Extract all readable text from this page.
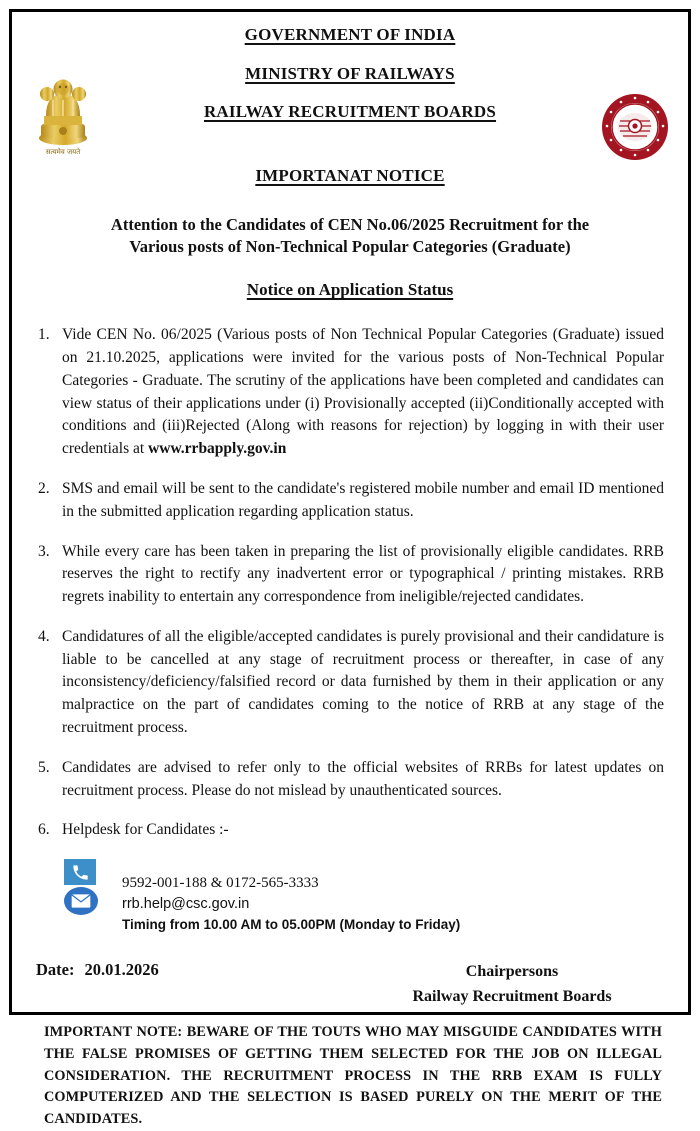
सत्यमेव जयते
GOVERNMENT OF INDIA
MINISTRY OF RAILWAYS
RAILWAY RECRUITMENT BOARDS
IMPORTANAT NOTICE
Attention to the Candidates of CEN No.06/2025 Recruitment for the
Various posts of Non-Technical Popular Categories (Graduate)
Notice on Application Status
1. Vide CEN No. 06/2025 (Various posts of Non Technical Popular Categories (Graduate) issued on 21.10.2025, applications were invited for the various posts of Non-Technical Popular Categories - Graduate. The scrutiny of the applications have been completed and candidates can view status of their applications under (i) Provisionally accepted (ii)Conditionally accepted with conditions and (iii)Rejected (Along with reasons for rejection) by logging in with their user credentials at www.rrbapply.gov.in
2. SMS and email will be sent to the candidate's registered mobile number and email ID mentioned in the submitted application regarding application status.
3. While every care has been taken in preparing the list of provisionally eligible candidates. RRB reserves the right to rectify any inadvertent error or typographical / printing mistakes. RRB regrets inability to entertain any correspondence from ineligible/rejected candidates.
4. Candidatures of all the eligible/accepted candidates is purely provisional and their candidature is liable to be cancelled at any stage of recruitment process or thereafter, in case of any inconsistency/deficiency/falsified record or data furnished by them in their application or any malpractice on the part of candidates coming to the notice of RRB at any stage of the recruitment process.
5. Candidates are advised to refer only to the official websites of RRBs for latest updates on recruitment process. Please do not mislead by unauthenticated sources.
6. Helpdesk for Candidates :-
9592-001-188 & 0172-565-3333
rrb.help@csc.gov.in
Timing from 10.00 AM to 05.00PM (Monday to Friday)
Date: 20.01.2026	Chairpersons
Railway Recruitment Boards
IMPORTANT NOTE: BEWARE OF THE TOUTS WHO MAY MISGUIDE CANDIDATES WITH THE FALSE PROMISES OF GETTING THEM SELECTED FOR THE JOB ON ILLEGAL CONSIDERATION. THE RECRUITMENT PROCESS IN THE RRB EXAM IS FULLY COMPUTERIZED AND THE SELECTION IS BASED PURELY ON THE MERIT OF THE CANDIDATES.
